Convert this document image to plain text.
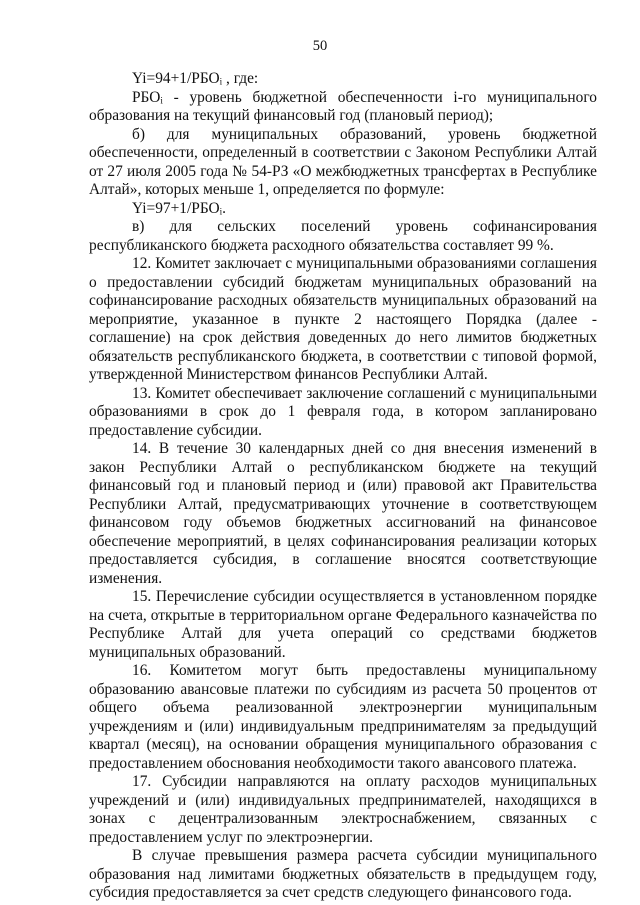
50

Yi=94+1/РБОᵢ , где:

РБОᵢ - уровень бюджетной обеспеченности i-го муниципального образования на текущий финансовый год (плановый период);

б) для муниципальных образований, уровень бюджетной обеспеченности, определенный в соответствии с Законом Республики Алтай от 27 июля 2005 года № 54-РЗ «О межбюджетных трансфертах в Республике Алтай», которых меньше 1, определяется по формуле:

Yi=97+1/РБОᵢ.

в) для сельских поселений уровень софинансирования республиканского бюджета расходного обязательства составляет 99 %.

12. Комитет заключает с муниципальными образованиями соглашения о предоставлении субсидий бюджетам муниципальных образований на софинансирование расходных обязательств муниципальных образований на мероприятие, указанное в пункте 2 настоящего Порядка (далее - соглашение) на срок действия доведенных до него лимитов бюджетных обязательств республиканского бюджета, в соответствии с типовой формой, утвержденной Министерством финансов Республики Алтай.

13. Комитет обеспечивает заключение соглашений с муниципальными образованиями в срок до 1 февраля года, в котором запланировано предоставление субсидии.

14. В течение 30 календарных дней со дня внесения изменений в закон Республики Алтай о республиканском бюджете на текущий финансовый год и плановый период и (или) правовой акт Правительства Республики Алтай, предусматривающих уточнение в соответствующем финансовом году объемов бюджетных ассигнований на финансовое обеспечение мероприятий, в целях софинансирования реализации которых предоставляется субсидия, в соглашение вносятся соответствующие изменения.

15. Перечисление субсидии осуществляется в установленном порядке на счета, открытые в территориальном органе Федерального казначейства по Республике Алтай для учета операций со средствами бюджетов муниципальных образований.

16. Комитетом могут быть предоставлены муниципальному образованию авансовые платежи по субсидиям из расчета 50 процентов от общего объема реализованной электроэнергии муниципальным учреждениям и (или) индивидуальным предпринимателям за предыдущий квартал (месяц), на основании обращения муниципального образования с предоставлением обоснования необходимости такого авансового платежа.

17. Субсидии направляются на оплату расходов муниципальных учреждений и (или) индивидуальных предпринимателей, находящихся в зонах с децентрализованным электроснабжением, связанных с предоставлением услуг по электроэнергии.

В случае превышения размера расчета субсидии муниципального образования над лимитами бюджетных обязательств в предыдущем году, субсидия предоставляется за счет средств следующего финансового года.
